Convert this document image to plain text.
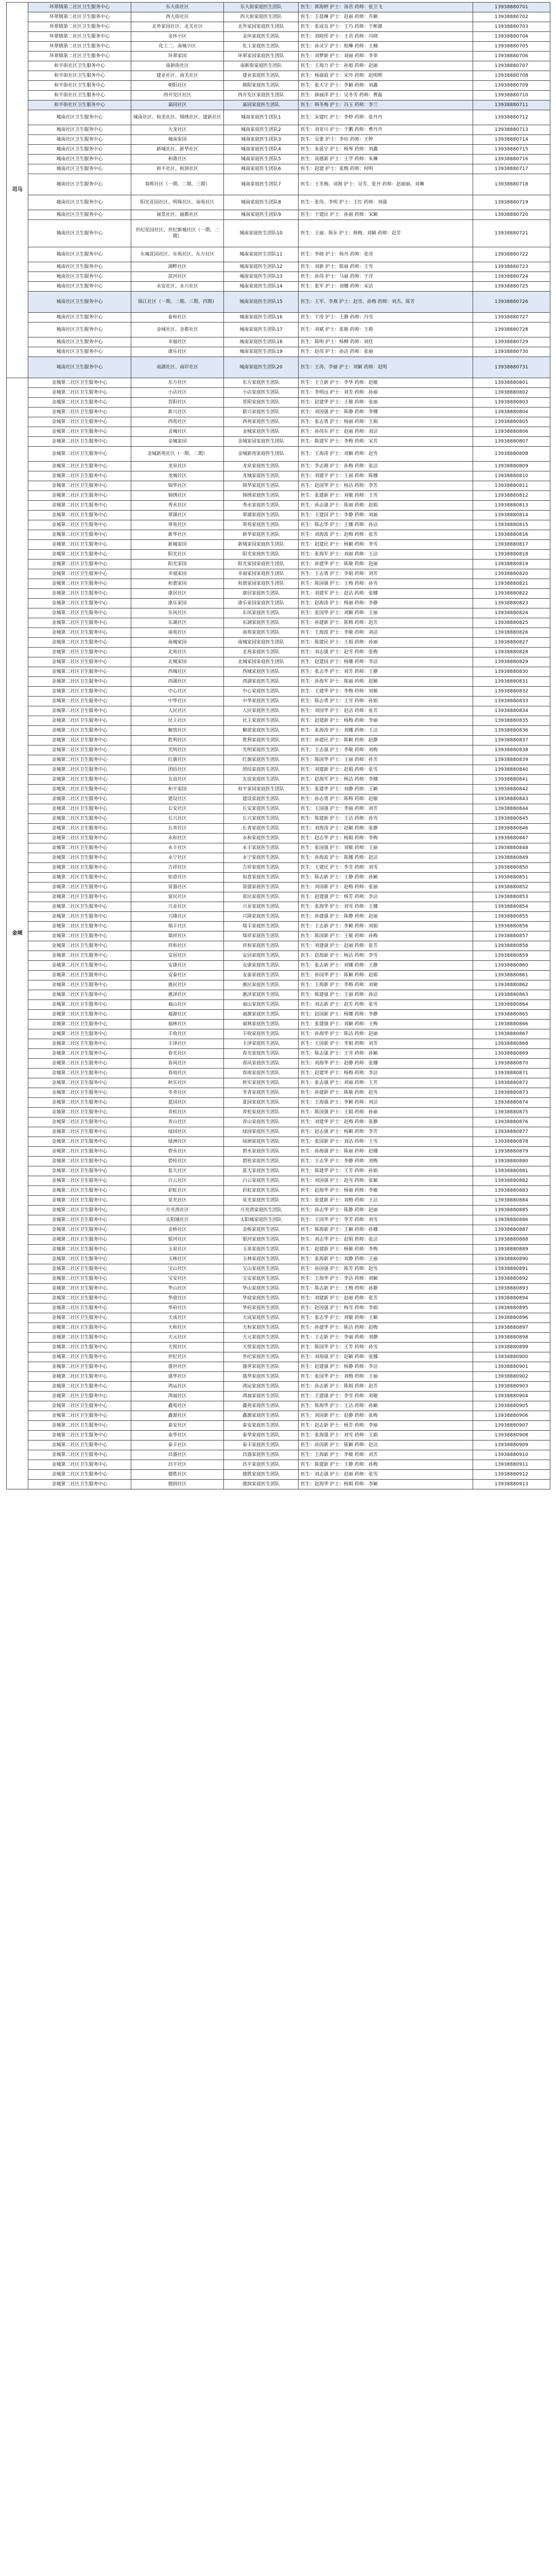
司马	环翠镇第二社区卫生服务中心	东大街社区	东大街家庭医生团队	医生：郭海婷 护士：汤君 药师：张卫飞	13938880701
	环翠镇第二社区卫生服务中心	西大街社区	西大街家庭医生团队	医生：王晨琳 护士：赵丽 药师：乔颖	13938880702
	环翠镇第二社区卫生服务中心	北外家园社区、北关社区	北外家园家庭医生团队	医生：张成良 护士：王巧 药师：于彬源	13938880703
	环翠镇第二社区卫生服务中心	金环小区	金环家庭医生团队	医生：刘晓彤 护士：王君 药师：冯晓	13938880704
	环翠镇第二社区卫生服务中心	化工二、南城小区	化工家庭医生团队	医生：孙灵宇 护士：柏琳 药师：王楠	13938880705
	环翠镇第二社区卫生服务中心	环翠家园	环翠家园家庭医生团队	医生：刘梦新 护士：刘丽 药师：李菲	13938880706
	和平街社区卫生服务中心	南新街社区	南新街家庭医生团队	医生：王海力 护士：孙旭 药师：赵丽	13938880707
	和平街社区卫生服务中心	建业社区、南关社区	建业家庭医生团队	医生：杨淑霞 护士：宋丹 药师：赵明辉	13938880708
	和平街社区卫生服务中心	朝阳社区	朝阳家庭医生团队	医生：张天宇 护士：李颖 药师：刘鑫	13938880709
	和平街社区卫生服务中心	西开发区社区	西开发区家庭医生团队	医生：薛丽萍 护士：吴冬雪 药师：曹磊	13938880710
	和平街社区卫生服务中心	嘉园社区	嘉园家庭医生团队	医生：韩冬梅 护士：冯玉 药师：李兰	13938880711
	城南社区卫生服务中心	城南社区、和美社区、锦绣社区、建新社区	城南家庭医生团队1	医生：宋建红 护士：李婷 药师：张丹丹	13938880712
	城南社区卫生服务中心	大龙社区	城南家庭医生团队2	医生：刘亚川 护士：于鹏 药师：曹丹丹	13938880713
	城南社区卫生服务中心	城南家园	城南家庭医生团队3	医生：吴蕾 护士：李培 药师：王婷	13938880714
	城南社区卫生服务中心	新城社区、新华社区	城南家庭医生团队4	医生：朱延宇 护士：杨琴 药师：刘鑫	13938880715
	城南社区卫生服务中心	和谐社区	城南家庭医生团队5	医生：高德新 护士：王学 药师：朱琳	13938880716
	城南社区卫生服务中心	和平社区、和润社区	城南家庭医生团队6	医生：赵建 护士：张梅 药师：何明	13938880717
	城南社区卫生服务中心	春晖社区（一期、二期、三期）	城南家庭医生团队7	医生：王冬梅、刘海 护士：吴雪、张丹 药师：赵丽丽、刘琳	13938880718
	城南社区卫生服务中心	阳光花园社区、明珠社区、南苑社区	城南家庭医生团队8	医生：张伟、李明 护士：王红 药师：刘强	13938880719
	城南社区卫生服务中心	丽景社区、丽都社区	城南家庭医生团队9	医生：于建民 护士：孙丽 药师：宋颖	13938880720
	城南社区卫生服务中心	世纪花园社区、世纪新城社区（一期、二期）	城南家庭医生团队10	医生：王丽、陈东 护士：韩梅、刘颖 药师：赵芳	13938880721
	城南社区卫生服务中心	东城花园社区、东苑社区、东方社区	城南家庭医生团队11	医生：李晓 护士：杨丹 药师：张亮	13938880722
	城南社区卫生服务中心	湖畔社区	城南家庭医生团队12	医生：刘新 护士：陈丽 药师：王雪	13938880723
	城南社区卫生服务中心	滨河社区	城南家庭医生团队13	医生：孙伟 护士：马丽 药师：于洋	13938880724
	城南社区卫生服务中心	永安社区、永兴社区	城南家庭医生团队14	医生：张军 护士：刘娜 药师：宋洁	13938880725
	城南社区卫生服务中心	锦江社区（一期、二期、三期、四期）	城南家庭医生团队15	医生：王军、李燕 护士：赵雪、孙梅 药师：刘杰、陈芳	13938880726
	城南社区卫生服务中心	泰和社区	城南家庭医生团队16	医生：于涛 护士：王静 药师：冯雪	13938880727
	城南社区卫生服务中心	金域社区、金都社区	城南家庭医生团队17	医生：刘斌 护士：张敏 药师：王莉	13938880728
	城南社区卫生服务中心	幸福社区	城南家庭医生团队18	医生：陈明 护士：杨柳 药师：刘佳	13938880729
	城南社区卫生服务中心	康乐社区	城南家庭医生团队19	医生：赵伟 护士：孙洁 药师：张丽	13938880730
	城南社区卫生服务中心	南湖社区、南岸社区	城南家庭医生团队20	医生：王涛、李丽 护士：刘颖 药师：赵明	13938880731
金城	金城第二社区卫生服务中心	东方社区	东方家庭医生团队	医生：王立新 护士：李华 药师：赵敏	13938880801
	金城第二社区卫生服务中心	小店社区	小店家庭医生团队	医生：李明远 护士：刘芳 药师：孙丽	13938880802
	金城第二社区卫生服务中心	晋阳社区	晋阳家庭医生团队	医生：赵建华 护士：王敏 药师：张丽	13938880803
	金城第二社区卫生服务中心	新兴社区	新兴家庭医生团队	医生：刘国强 护士：陈静 药师：李娜	13938880804
	金城第二社区卫生服务中心	西苑社区	西苑家庭医生团队	医生：张志勇 护士：杨丽 药师：王娟	13938880805
	金城第二社区卫生服务中心	金城社区	金城家庭医生团队	医生：孙伟东 护士：赵丽 药师：刘洁	13938880806
	金城第二社区卫生服务中心	金城家园	金城家园家庭医生团队	医生：陈建军 护士：李梅 药师：宋芳	13938880807
	金城第二社区卫生服务中心	金城新苑社区（一期、二期）	金城新苑家庭医生团队	医生：王海涛 护士：刘颖 药师：赵雪	13938880808
	金城第二社区卫生服务中心	龙泉社区	龙泉家庭医生团队	医生：李志刚 护士：孙梅 药师：张洁	13938880809
	金城第二社区卫生服务中心	龙城社区	龙城家庭医生团队	医生：刘建平 护士：王丽 药师：陈娜	13938880810
	金城第二社区卫生服务中心	锦华社区	锦华家庭医生团队	医生：赵国华 护士：杨洁 药师：李芳	13938880811
	金城第二社区卫生服务中心	锦绣社区	锦绣家庭医生团队	医生：张建新 护士：刘敏 药师：王雪	13938880812
	金城第二社区卫生服务中心	秀水社区	秀水家庭医生团队	医生：孙志强 护士：陈丽 药师：赵娟	13938880813
	金城第二社区卫生服务中心	翠湖社区	翠湖家庭医生团队	医生：王建国 护士：李静 药师：刘丽	13938880814
	金城第二社区卫生服务中心	翠苑社区	翠苑家庭医生团队	医生：陈志华 护士：王娜 药师：孙洁	13938880815
	金城第二社区卫生服务中心	新华社区	新华家庭医生团队	医生：刘海波 护士：赵梅 药师：张芳	13938880816
	金城第二社区卫生服务中心	新城家园	新城家园家庭医生团队	医生：赵建民 护士：杨颖 药师：李雪	13938880817
	金城第二社区卫生服务中心	阳光社区	阳光家庭医生团队	医生：张海军 护士：刘丽 药师：王洁	13938880818
	金城第二社区卫生服务中心	阳光家园	阳光家园家庭医生团队	医生：孙建华 护士：陈敏 药师：赵丽	13938880819
	金城第二社区卫生服务中心	幸福家园	幸福家园家庭医生团队	医生：王志勇 护士：李娟 药师：刘芳	13938880820
	金城第二社区卫生服务中心	和谐家园	和谐家园家庭医生团队	医生：陈国强 护士：王梅 药师：孙雪	13938880821
	金城第二社区卫生服务中心	康居社区	康居家庭医生团队	医生：刘建军 护士：赵洁 药师：张娜	13938880822
	金城第二社区卫生服务中心	康乐家园	康乐家园家庭医生团队	医生：赵海涛 护士：杨丽 药师：李静	13938880823
	金城第二社区卫生服务中心	东风社区	东风家庭医生团队	医生：张国华 护士：刘颖 药师：王丽	13938880824
	金城第二社区卫生服务中心	东湖社区	东湖家庭医生团队	医生：孙建新 护士：陈梅 药师：赵芳	13938880825
	金城第二社区卫生服务中心	南苑社区	南苑家庭医生团队	医生：王海波 护士：李敏 药师：刘洁	13938880826
	金城第二社区卫生服务中心	南城家园	南城家园家庭医生团队	医生：陈建民 护士：王娟 药师：孙丽	13938880827
	金城第二社区卫生服务中心	北苑社区	北苑家庭医生团队	医生：刘志强 护士：赵雪 药师：张梅	13938880828
	金城第二社区卫生服务中心	北城家园	北城家园家庭医生团队	医生：赵建国 护士：杨娜 药师：李洁	13938880829
	金城第二社区卫生服务中心	西城社区	西城家庭医生团队	医生：张志华 护士：刘芳 药师：王静	13938880830
	金城第二社区卫生服务中心	西湖社区	西湖家庭医生团队	医生：孙海军 护士：陈丽 药师：赵颖	13938880831
	金城第二社区卫生服务中心	中心社区	中心家庭医生团队	医生：王建华 护士：李梅 药师：刘敏	13938880832
	金城第二社区卫生服务中心	中华社区	中华家庭医生团队	医生：陈志勇 护士：王雪 药师：孙娟	13938880833
	金城第二社区卫生服务中心	人民社区	人民家庭医生团队	医生：刘国华 护士：赵洁 药师：张芳	13938880834
	金城第二社区卫生服务中心	民主社区	民主家庭医生团队	医生：赵建新 护士：杨梅 药师：李丽	13938880835
	金城第二社区卫生服务中心	解放社区	解放家庭医生团队	医生：张海涛 护士：刘娜 药师：王洁	13938880836
	金城第二社区卫生服务中心	胜利社区	胜利家庭医生团队	医生：孙建民 护士：陈颖 药师：赵静	13938880837
	金城第二社区卫生服务中心	光明社区	光明家庭医生团队	医生：王志强 护士：李敏 药师：刘梅	13938880838
	金城第二社区卫生服务中心	红旗社区	红旗家庭医生团队	医生：陈国华 护士：王丽 药师：孙芳	13938880839
	金城第二社区卫生服务中心	团结社区	团结家庭医生团队	医生：刘建新 护士：赵娟 药师：张雪	13938880840
	金城第二社区卫生服务中心	友谊社区	友谊家庭医生团队	医生：赵海军 护士：杨洁 药师：李娜	13938880841
	金城第二社区卫生服务中心	和平家园	和平家园家庭医生团队	医生：张建华 护士：刘静 药师：王颖	13938880842
	金城第二社区卫生服务中心	建设社区	建设家庭医生团队	医生：孙志勇 护士：陈梅 药师：赵敏	13938880843
	金城第二社区卫生服务中心	长安社区	长安家庭医生团队	医生：王国强 护士：李丽 药师：刘芳	13938880844
	金城第二社区卫生服务中心	长兴社区	长兴家庭医生团队	医生：陈建新 护士：王洁 药师：孙雪	13938880845
	金城第二社区卫生服务中心	长青社区	长青家庭医生团队	医生：刘海涛 护士：赵颖 药师：张静	13938880846
	金城第二社区卫生服务中心	永和社区	永和家庭医生团队	医生：赵志华 护士：杨娟 药师：李梅	13938880847
	金城第二社区卫生服务中心	永丰社区	永丰家庭医生团队	医生：张国强 护士：刘敏 药师：王丽	13938880848
	金城第二社区卫生服务中心	永宁社区	永宁家庭医生团队	医生：孙海波 护士：陈娜 药师：赵洁	13938880849
	金城第二社区卫生服务中心	吉祥社区	吉祥家庭医生团队	医生：王建民 护士：李芳 药师：刘雪	13938880850
	金城第二社区卫生服务中心	如意社区	如意家庭医生团队	医生：陈志新 护士：王静 药师：孙颖	13938880851
	金城第二社区卫生服务中心	富强社区	富强家庭医生团队	医生：刘国新 护士：赵梅 药师：张丽	13938880852
	金城第二社区卫生服务中心	富民社区	富民家庭医生团队	医生：赵建强 护士：杨芳 药师：李洁	13938880853
	金城第二社区卫生服务中心	兴业社区	兴业家庭医生团队	医生：张海华 护士：刘雪 药师：王娜	13938880854
	金城第二社区卫生服务中心	兴隆社区	兴隆家庭医生团队	医生：孙建强 护士：陈静 药师：赵丽	13938880855
	金城第二社区卫生服务中心	瑞丰社区	瑞丰家庭医生团队	医生：王志新 护士：李颖 药师：刘娟	13938880856
	金城第二社区卫生服务中心	瑞祥社区	瑞祥家庭医生团队	医生：陈国新 护士：王敏 药师：孙梅	13938880857
	金城第二社区卫生服务中心	祥和社区	祥和家庭医生团队	医生：刘建强 护士：赵丽 药师：张芳	13938880858
	金城第二社区卫生服务中心	安居社区	安居家庭医生团队	医生：赵海新 护士：杨洁 药师：李雪	13938880859
	金城第二社区卫生服务中心	安康社区	安康家庭医生团队	医生：张志新 护士：刘娜 药师：王静	13938880860
	金城第二社区卫生服务中心	安泰社区	安泰家庭医生团队	医生：孙国华 护士：陈颖 药师：赵娟	13938880861
	金城第二社区卫生服务中心	惠民社区	惠民家庭医生团队	医生：王海新 护士：李梅 药师：刘敏	13938880862
	金城第二社区卫生服务中心	惠泽社区	惠泽家庭医生团队	医生：陈建强 护士：王丽 药师：孙洁	13938880863
	金城第二社区卫生服务中心	福山社区	福山家庭医生团队	医生：刘志新 护士：赵芳 药师：张雪	13938880864
	金城第二社区卫生服务中心	福源社区	福源家庭医生团队	医生：赵国新 护士：杨娜 药师：李静	13938880865
	金城第二社区卫生服务中心	福林社区	福林家庭医生团队	医生：张建强 护士：刘颖 药师：王梅	13938880866
	金城第二社区卫生服务中心	丰收社区	丰收家庭医生团队	医生：孙海华 护士：陈洁 药师：赵丽	13938880867
	金城第二社区卫生服务中心	丰泽社区	丰泽家庭医生团队	医生：王国新 护士：李娟 药师：刘芳	13938880868
	金城第二社区卫生服务中心	春光社区	春光家庭医生团队	医生：陈志强 护士：王雪 药师：孙颖	13938880869
	金城第二社区卫生服务中心	春风社区	春风家庭医生团队	医生：刘海华 护士：赵静 药师：张娜	13938880870
	金城第二社区卫生服务中心	春雨社区	春雨家庭医生团队	医生：赵建华 护士：杨梅 药师：李洁	13938880871
	金城第二社区卫生服务中心	秋实社区	秋实家庭医生团队	医生：张志强 护士：刘丽 药师：王芳	13938880872
	金城第二社区卫生服务中心	冬青社区	冬青家庭医生团队	医生：孙建新 护士：陈敏 药师：赵雪	13938880873
	金城第二社区卫生服务中心	夏园社区	夏园家庭医生团队	医生：王海强 护士：李颖 药师：刘洁	13938880874
	金城第二社区卫生服务中心	青松社区	青松家庭医生团队	医生：陈国强 护士：王娟 药师：孙丽	13938880875
	金城第二社区卫生服务中心	青山社区	青山家庭医生团队	医生：刘建华 护士：赵梅 药师：张静	13938880876
	金城第二社区卫生服务中心	绿园社区	绿园家庭医生团队	医生：赵志强 护士：杨颖 药师：李芳	13938880877
	金城第二社区卫生服务中心	绿洲社区	绿洲家庭医生团队	医生：张国新 护士：刘洁 药师：王雪	13938880878
	金城第二社区卫生服务中心	碧水社区	碧水家庭医生团队	医生：孙海强 护士：陈丽 药师：赵娜	13938880879
	金城第二社区卫生服务中心	碧桂社区	碧桂家庭医生团队	医生：王志华 护士：李静 药师：刘梅	13938880880
	金城第二社区卫生服务中心	蓝天社区	蓝天家庭医生团队	医生：陈建华 护士：王芳 药师：孙娟	13938880881
	金城第二社区卫生服务中心	白云社区	白云家庭医生团队	医生：刘国强 护士：赵雪 药师：张颖	13938880882
	金城第二社区卫生服务中心	彩虹社区	彩虹家庭医生团队	医生：赵海华 护士：杨丽 药师：李敏	13938880883
	金城第二社区卫生服务中心	星光社区	星光家庭医生团队	医生：张建新 护士：刘梅 药师：王洁	13938880884
	金城第二社区卫生服务中心	月亮湾社区	月亮湾家庭医生团队	医生：孙志华 护士：陈静 药师：赵丽	13938880885
	金城第二社区卫生服务中心	太阳城社区	太阳城家庭医生团队	医生：王国华 护士：李芳 药师：刘雪	13938880886
	金城第二社区卫生服务中心	金桥社区	金桥家庭医生团队	医生：陈海新 护士：王颖 药师：孙娜	13938880887
	金城第二社区卫生服务中心	银河社区	银河家庭医生团队	医生：刘志华 护士：赵娟 药师：张洁	13938880888
	金城第二社区卫生服务中心	玉泉社区	玉泉家庭医生团队	医生：赵建新 护士：杨敏 药师：李梅	13938880889
	金城第二社区卫生服务中心	玉林社区	玉林家庭医生团队	医生：张海新 护士：刘静 药师：王丽	13938880890
	金城第二社区卫生服务中心	宝山社区	宝山家庭医生团队	医生：孙国强 护士：陈芳 药师：赵雪	13938880891
	金城第二社区卫生服务中心	宝安社区	宝安家庭医生团队	医生：王海华 护士：李洁 药师：刘颖	13938880892
	金城第二社区卫生服务中心	华山社区	华山家庭医生团队	医生：陈志新 护士：王梅 药师：孙静	13938880893
	金城第二社区卫生服务中心	华庭社区	华庭家庭医生团队	医生：刘建新 护士：赵丽 药师：张芳	13938880894
	金城第二社区卫生服务中心	华府社区	华府家庭医生团队	医生：赵国强 护士：杨雪 药师：李娟	13938880895
	金城第二社区卫生服务中心	天成社区	天成家庭医生团队	医生：张志华 护士：刘敏 药师：王颖	13938880896
	金城第二社区卫生服务中心	天和社区	天和家庭医生团队	医生：孙建华 护士：陈洁 药师：赵梅	13938880897
	金城第二社区卫生服务中心	天元社区	天元家庭医生团队	医生：王志新 护士：李丽 药师：刘静	13938880898
	金城第二社区卫生服务中心	天悦社区	天悦家庭医生团队	医生：陈国华 护士：王芳 药师：孙雪	13938880899
	金城第二社区卫生服务中心	世纪社区	世纪家庭医生团队	医生：刘海强 护士：赵颖 药师：张娜	13938880900
	金城第二社区卫生服务中心	盛世社区	盛世家庭医生团队	医生：赵建强 护士：杨静 药师：李洁	13938880901
	金城第二社区卫生服务中心	盛华社区	盛华家庭医生团队	医生：张国华 护士：刘梅 药师：王丽	13938880902
	金城第二社区卫生服务中心	鸿运社区	鸿运家庭医生团队	医生：孙志新 护士：陈娟 药师：赵芳	13938880903
	金城第二社区卫生服务中心	鸿福社区	鸿福家庭医生团队	医生：王建强 护士：李雪 药师：刘敏	13938880904
	金城第二社区卫生服务中心	鑫苑社区	鑫苑家庭医生团队	医生：陈海华 护士：王洁 药师：孙颖	13938880905
	金城第二社区卫生服务中心	鑫源社区	鑫源家庭医生团队	医生：刘国新 护士：赵静 药师：张梅	13938880906
	金城第二社区卫生服务中心	泰安社区	泰安家庭医生团队	医生：赵志新 护士：杨芳 药师：李丽	13938880907
	金城第二社区卫生服务中心	泰华社区	泰华家庭医生团队	医生：张海强 护士：刘雪 药师：王娟	13938880908
	金城第二社区卫生服务中心	泰丰社区	泰丰家庭医生团队	医生：孙国新 护士：陈颖 药师：赵洁	13938880909
	金城第二社区卫生服务中心	昌盛社区	昌盛家庭医生团队	医生：王海新 护士：李敏 药师：刘芳	13938880910
	金城第二社区卫生服务中心	昌平社区	昌平家庭医生团队	医生：陈建新 护士：王静 药师：孙梅	13938880911
	金城第二社区卫生服务中心	德胜社区	德胜家庭医生团队	医生：刘志强 护士：赵丽 药师：张雪	13938880912
	金城第二社区卫生服务中心	德润社区	德润家庭医生团队	医生：赵海华 护士：杨娟 药师：李颖	13938880913
